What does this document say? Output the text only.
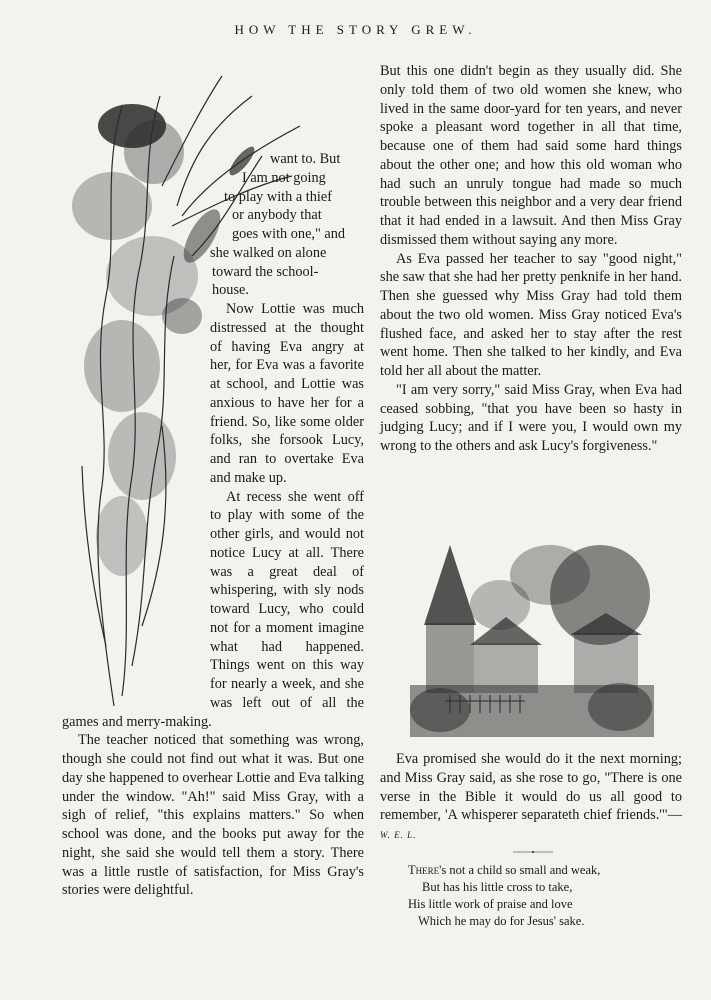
HOW THE STORY GREW.
want to. But
I am not going
to play with a thief
or anybody that
goes with one," and
she walked on alone
toward the school-
house.

Now Lottie was much distressed at the thought of having Eva angry at her, for Eva was a favorite at school, and Lottie was anxious to have her for a friend. So, like some older folks, she forsook Lucy, and ran to overtake Eva and make up.

At recess she went off to play with some of the other girls, and would not notice Lucy at all. There was a great deal of whispering, with sly nods toward Lucy, who could not for a moment imagine what had happened. Things went on this way for nearly a week, and she was left out of all the games and merry-making.

The teacher noticed that something was wrong, though she could not find out what it was. But one day she happened to overhear Lottie and Eva talking under the window. "Ah!" said Miss Gray, with a sigh of relief, "this explains matters." So when school was done, and the books put away for the night, she said she would tell them a story. There was a little rustle of satisfaction, for Miss Gray's stories were delightful.

But this one didn't begin as they usually did. She only told them of two old women she knew, who lived in the same door-yard for ten years, and never spoke a pleasant word together in all that time, because one of them had said some hard things about the other one; and how this old woman who had such an unruly tongue had made so much trouble between this neighbor and a very dear friend that it had ended in a lawsuit. And then Miss Gray dismissed them without saying any more.

As Eva passed her teacher to say "good night," she saw that she had her pretty penknife in her hand. Then she guessed why Miss Gray had told them about the two old women. Miss Gray noticed Eva's flushed face, and asked her to stay after the rest went home. Then she talked to her kindly, and Eva told her all about the matter.

"I am very sorry," said Miss Gray, when Eva had ceased sobbing, "that you have been so hasty in judging Lucy; and if I were you, I would own my wrong to the others and ask Lucy's forgiveness."

Eva promised she would do it the next morning; and Miss Gray said, as she rose to go, "There is one verse in the Bible it would do us all good to remember, 'A whisperer separateth chief friends.'"—W. E. L.

There's not a child so small and weak,
But has his little cross to take,
His little work of praise and love
Which he may do for Jesus' sake.
